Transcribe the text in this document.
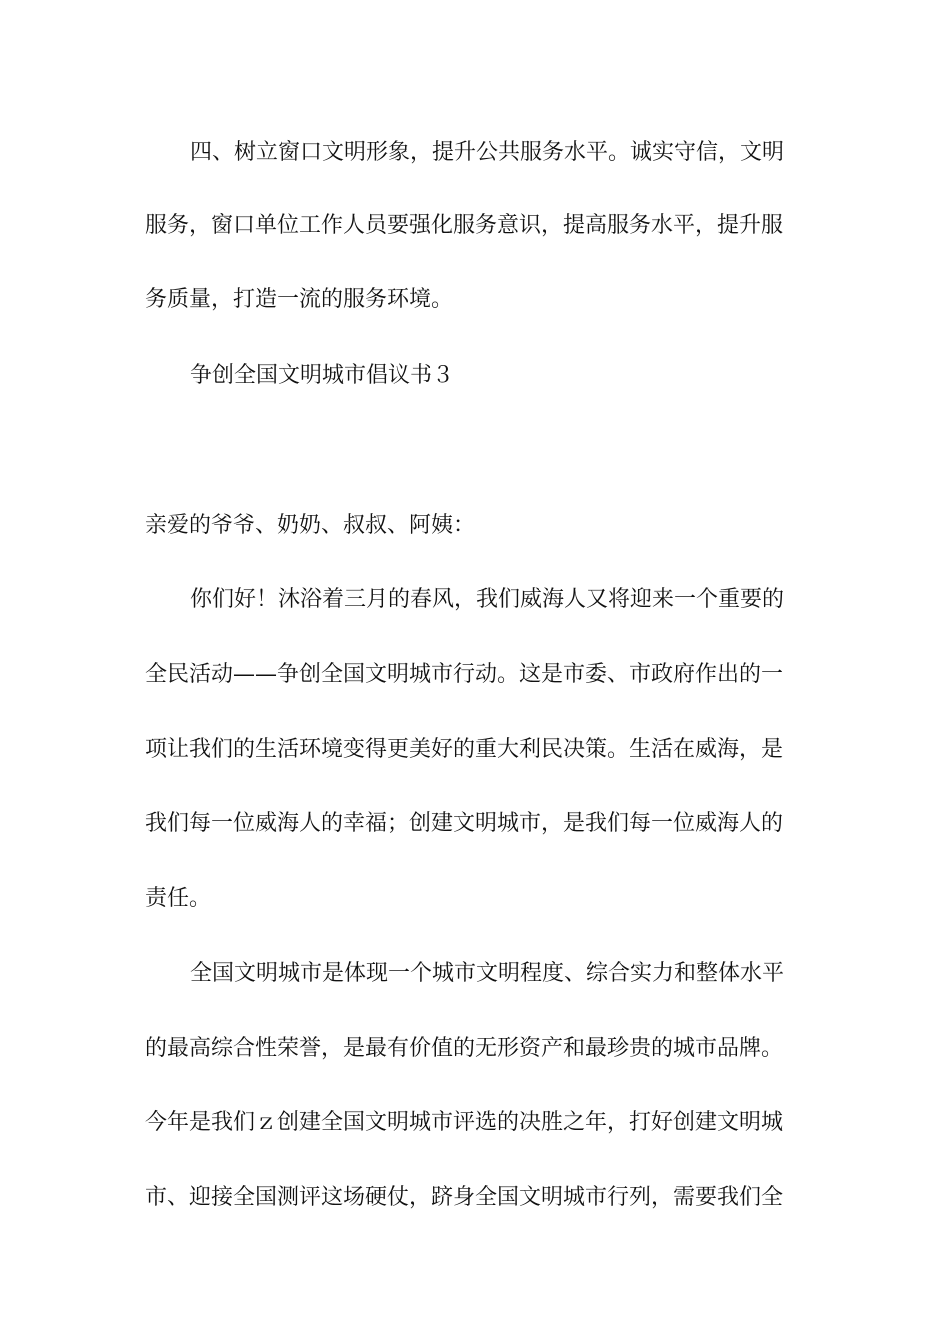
四、树立窗口文明形象，提升公共服务水平。诚实守信，文明
服务，窗口单位工作人员要强化服务意识，提高服务水平，提升服
务质量，打造一流的服务环境。
争创全国文明城市倡议书３
亲爱的爷爷、奶奶、叔叔、阿姨：
你们好！沐浴着三月的春风，我们威海人又将迎来一个重要的
全民活动——争创全国文明城市行动。这是市委、市政府作出的一
项让我们的生活环境变得更美好的重大利民决策。生活在威海，是
我们每一位威海人的幸福；创建文明城市，是我们每一位威海人的
责任。
全国文明城市是体现一个城市文明程度、综合实力和整体水平
的最高综合性荣誉，是最有价值的无形资产和最珍贵的城市品牌。
今年是我们ｚ创建全国文明城市评选的决胜之年，打好创建文明城
市、迎接全国测评这场硬仗，跻身全国文明城市行列，需要我们全
